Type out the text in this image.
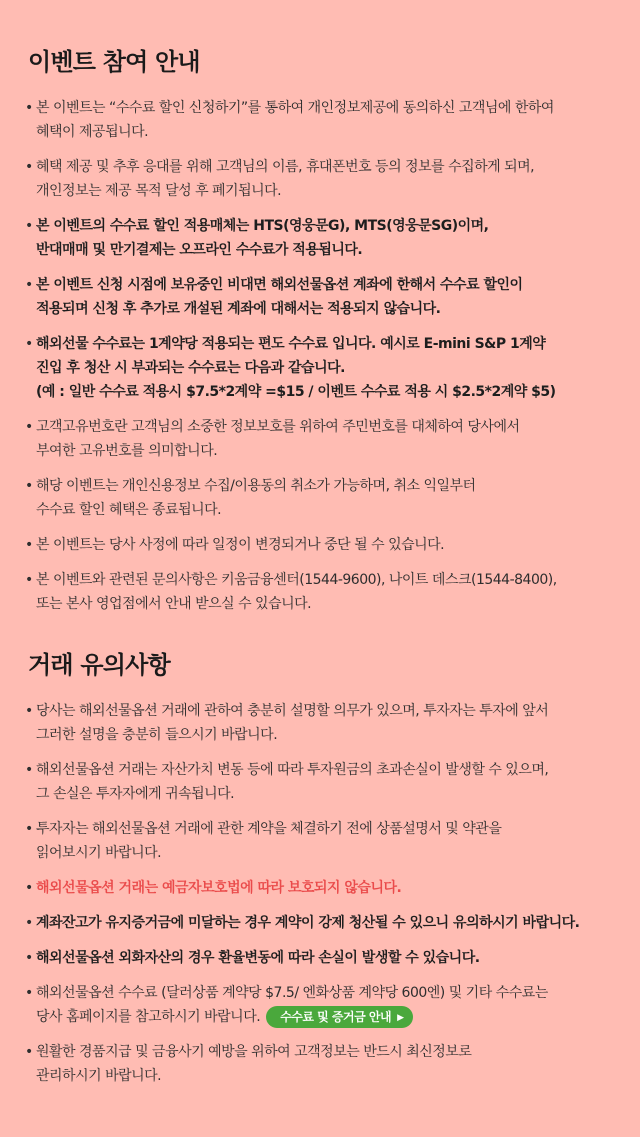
이벤트 참여 안내
• 본 이벤트는 “수수료 할인 신청하기”를 통하여 개인정보제공에 동의하신 고객님에 한하여
혜택이 제공됩니다.
• 혜택 제공 및 추후 응대를 위해 고객님의 이름, 휴대폰번호 등의 정보를 수집하게 되며,
개인정보는 제공 목적 달성 후 폐기됩니다.
• 본 이벤트의 수수료 할인 적용매체는 HTS(영웅문G), MTS(영웅문SG)이며,
반대매매 및 만기결제는 오프라인 수수료가 적용됩니다.
• 본 이벤트 신청 시점에 보유중인 비대면 해외선물옵션 계좌에 한해서 수수료 할인이
적용되며 신청 후 추가로 개설된 계좌에 대해서는 적용되지 않습니다.
• 해외선물 수수료는 1계약당 적용되는 편도 수수료 입니다. 예시로 E-mini S&P 1계약
진입 후 청산 시 부과되는 수수료는 다음과 같습니다.
(예 : 일반 수수료 적용시 $7.5*2계약 =$15 / 이벤트 수수료 적용 시 $2.5*2계약 $5)
• 고객고유번호란 고객님의 소중한 정보보호를 위하여 주민번호를 대체하여 당사에서
부여한 고유번호를 의미합니다.
• 해당 이벤트는 개인신용정보 수집/이용동의 취소가 가능하며, 취소 익일부터
수수료 할인 혜택은 종료됩니다.
• 본 이벤트는 당사 사정에 따라 일정이 변경되거나 중단 될 수 있습니다.
• 본 이벤트와 관련된 문의사항은 키움금융센터(1544-9600), 나이트 데스크(1544-8400),
또는 본사 영업점에서 안내 받으실 수 있습니다.
거래 유의사항
• 당사는 해외선물옵션 거래에 관하여 충분히 설명할 의무가 있으며, 투자자는 투자에 앞서
그러한 설명을 충분히 들으시기 바랍니다.
• 해외선물옵션 거래는 자산가치 변동 등에 따라 투자원금의 초과손실이 발생할 수 있으며,
그 손실은 투자자에게 귀속됩니다.
• 투자자는 해외선물옵션 거래에 관한 계약을 체결하기 전에 상품설명서 및 약관을
읽어보시기 바랍니다.
• 해외선물옵션 거래는 예금자보호법에 따라 보호되지 않습니다.
• 계좌잔고가 유지증거금에 미달하는 경우 계약이 강제 청산될 수 있으니 유의하시기 바랍니다.
• 해외선물옵션 외화자산의 경우 환율변동에 따라 손실이 발생할 수 있습니다.
• 해외선물옵션 수수료 (달러상품 계약당 $7.5/ 엔화상품 계약당 600엔) 및 기타 수수료는
당사 홈페이지를 참고하시기 바랍니다. 수수료 및 증거금 안내 ▶
• 원활한 경품지급 및 금융사기 예방을 위하여 고객정보는 반드시 최신정보로
관리하시기 바랍니다.
